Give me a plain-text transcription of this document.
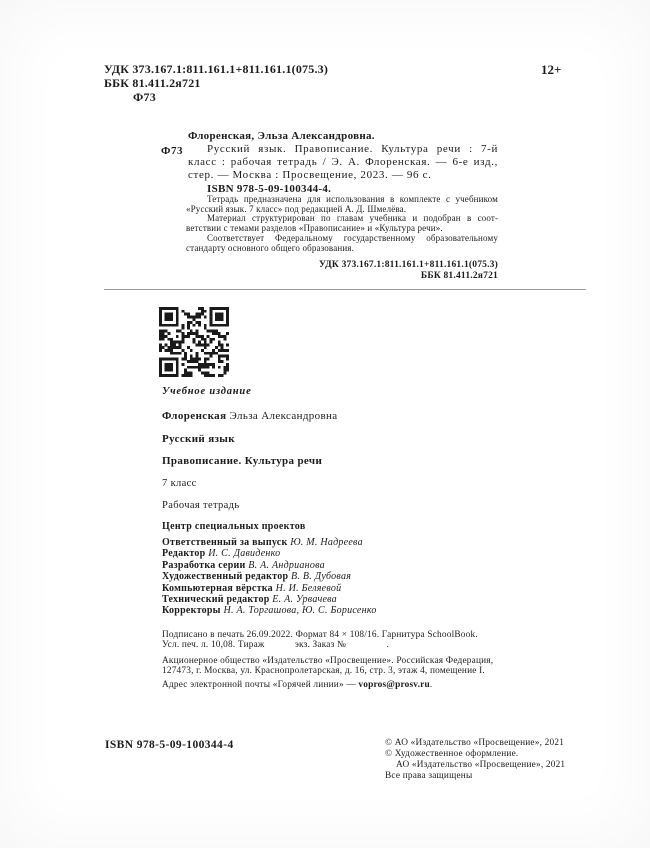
УДК 373.167.1:811.161.1+811.161.1(075.3)
ББК 81.411.2я721
Ф73
12+

Флоренская, Эльза Александровна.

Ф73	Русский язык. Правописание. Культура речи : 7-й класс : рабочая тетрадь / Э. А. Флоренская. — 6-е изд., стер. — Москва : Просвещение, 2023. — 96 с.

ISBN 978-5-09-100344-4.

Тетрадь предназначена для использования в комплекте с учебником «Русский язык. 7 класс» под редакцией А. Д. Шмелёва.

Материал структурирован по главам учебника и подобран в соответствии с темами разделов «Правописание» и «Культура речи».

Соответствует Федеральному государственному образовательному стандарту основного общего образования.

УДК 373.167.1:811.161.1+811.161.1(075.3)
ББК 81.411.2я721
Учебное издание
Флоренская Эльза Александровна
Русский язык
Правописание. Культура речи
7 класс
Рабочая тетрадь
Центр специальных проектов
Ответственный за выпуск Ю. М. Надреева
Редактор И. С. Давиденко
Разработка серии В. А. Андрианова
Художественный редактор В. В. Дубовая
Компьютерная вёрстка Н. И. Беляевой
Технический редактор Е. А. Урвачева
Корректоры Н. А. Торгашова, Ю. С. Борисенко
Подписано в печать 26.09.2022. Формат 84 × 108/16. Гарнитура SchoolBook.
Усл. печ. л. 10,08. Тираж            экз. Заказ №                .
Акционерное общество «Издательство «Просвещение». Российская Федерация,
127473, г. Москва, ул. Краснопролетарская, д. 16, стр. 3, этаж 4, помещение I.
Адрес электронной почты «Горячей линии» — vopros@prosv.ru.
ISBN 978-5-09-100344-4	© АО «Издательство «Просвещение», 2021
© Художественное оформление.
АО «Издательство «Просвещение», 2021
Все права защищены
